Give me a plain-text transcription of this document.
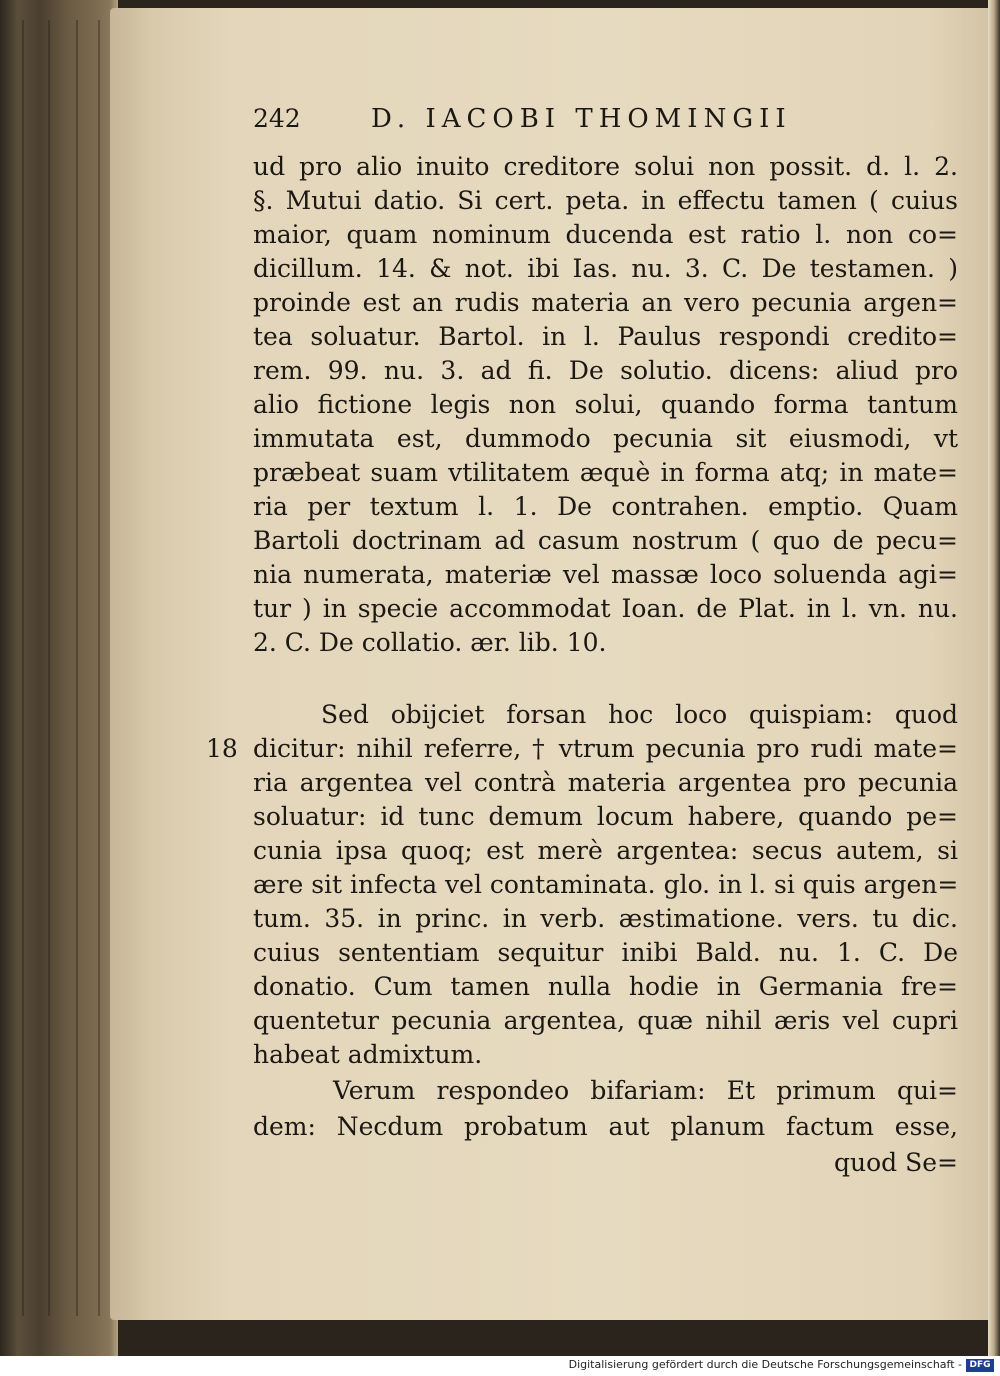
242	D. IACOBI THOMINGII
ud pro alio inuito creditore solui non possit. d. l. 2.
§. Mutui datio. Si cert. peta. in effectu tamen ( cuius
maior, quam nominum ducenda est ratio l. non co=
dicillum. 14. & not. ibi Ias. nu. 3. C. De testamen. )
proinde est an rudis materia an vero pecunia argen=
tea soluatur. Bartol. in l. Paulus respondi credito=
rem. 99. nu. 3. ad fi. De solutio. dicens: aliud pro
alio fictione legis non solui, quando forma tantum
immutata est, dummodo pecunia sit eiusmodi, vt
præbeat suam vtilitatem æquè in forma atq; in mate=
ria per textum l. 1. De contrahen. emptio. Quam
Bartoli doctrinam ad casum nostrum ( quo de pecu=
nia numerata, materiæ vel massæ loco soluenda agi=
tur ) in specie accommodat Ioan. de Plat. in l. vn. nu.
2. C. De collatio. ær. lib. 10.
18
Sed obijciet forsan hoc loco quispiam: quod
dicitur: nihil referre, † vtrum pecunia pro rudi mate=
ria argentea vel contrà materia argentea pro pecunia
soluatur: id tunc demum locum habere, quando pe=
cunia ipsa quoq; est merè argentea: secus autem, si
ære sit infecta vel contaminata. glo. in l. si quis argen=
tum. 35. in princ. in verb. æstimatione. vers. tu dic.
cuius sententiam sequitur inibi Bald. nu. 1. C. De
donatio. Cum tamen nulla hodie in Germania fre=
quentetur pecunia argentea, quæ nihil æris vel cupri
habeat admixtum.
Verum respondeo bifariam: Et primum qui=
dem: Necdum probatum aut planum factum esse,
quod Se=
Digitalisierung gefördert durch die Deutsche Forschungsgemeinschaft - DFG
